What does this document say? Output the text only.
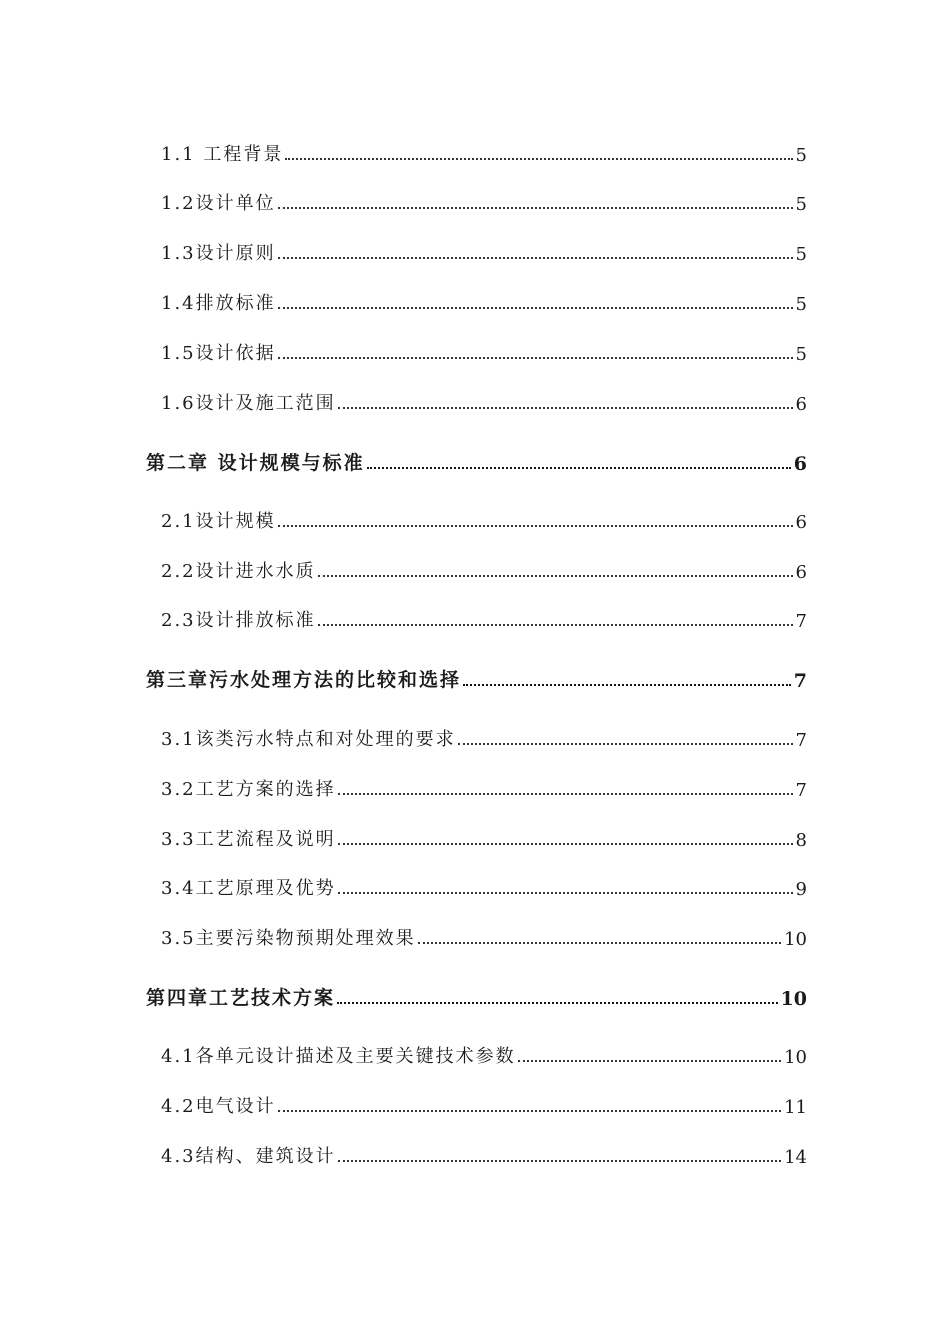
1.1 工程背景	5
1.2设计单位	5
1.3设计原则	5
1.4排放标准	5
1.5设计依据	5
1.6设计及施工范围	6
第二章 设计规模与标准	6
2.1设计规模	6
2.2设计进水水质	6
2.3设计排放标准	7
第三章污水处理方法的比较和选择	7
3.1该类污水特点和对处理的要求	7
3.2工艺方案的选择	7
3.3工艺流程及说明	8
3.4工艺原理及优势	9
3.5主要污染物预期处理效果	10
第四章工艺技术方案	10
4.1各单元设计描述及主要关键技术参数	10
4.2电气设计	11
4.3结构、建筑设计	14
